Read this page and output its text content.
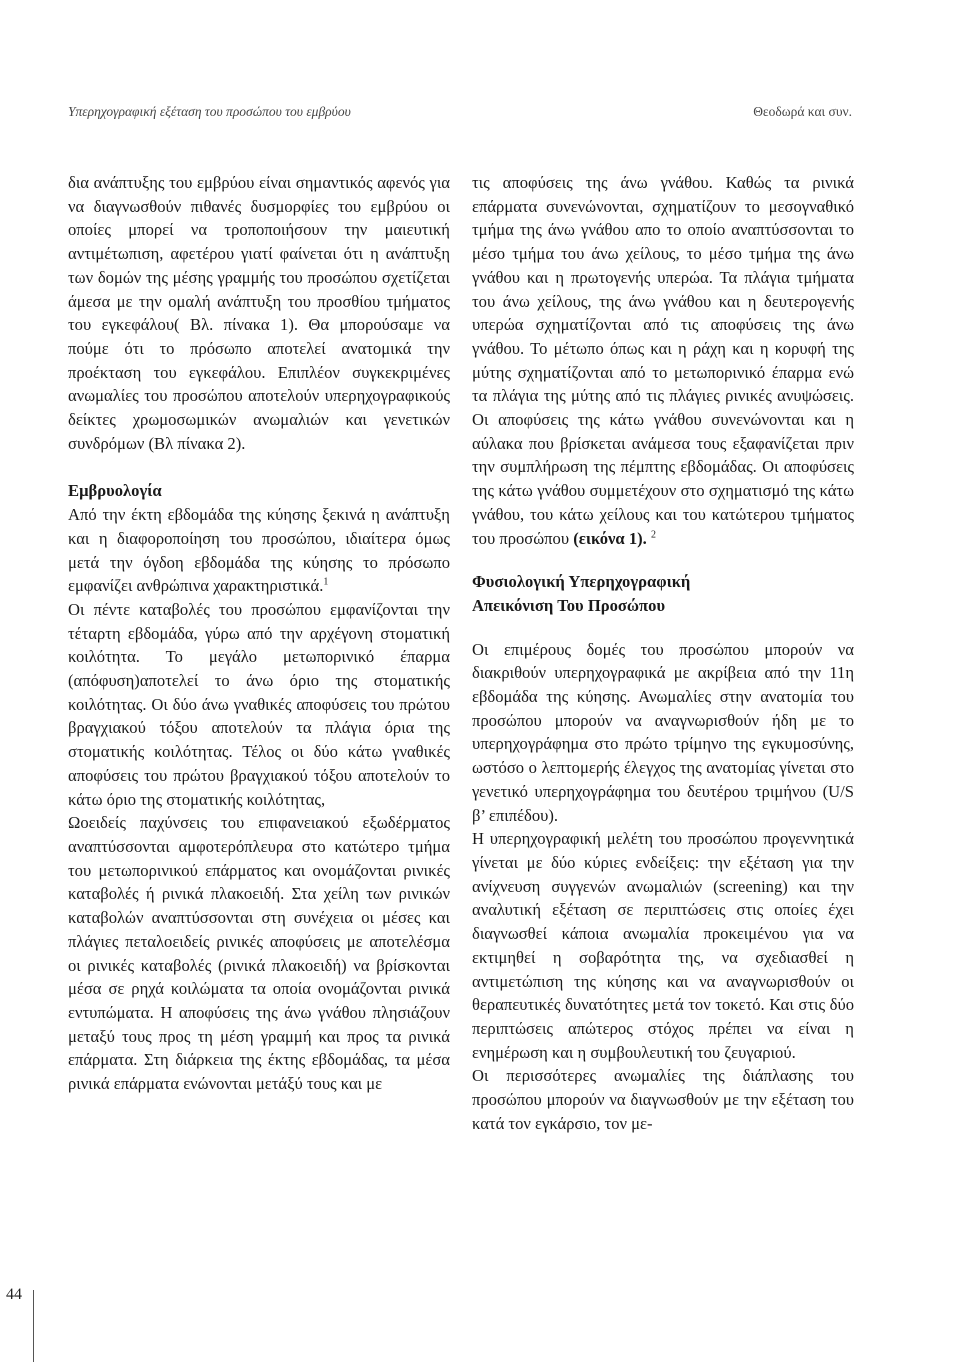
Υπερηχογραφική εξέταση του προσώπου του εμβρύου	Θεοδωρά και συν.

δια ανάπτυξης του εμβρύου είναι σημαντικός αφενός για να διαγνωσθούν πιθανές δυσμορφίες του εμβρύου οι οποίες μπορεί να τροποποιήσουν την μαιευτική αντιμέτωπιση, αφετέρου γιατί φαίνεται ότι η ανάπτυξη των δομών της μέσης γραμμής του προσώπου σχετίζεται άμεσα με την ομαλή ανάπτυξη του προσθίου τμήματος του εγκεφάλου( Βλ. πίνακα 1). Θα μπορούσαμε να πούμε ότι το πρόσωπο αποτελεί ανατομικά την προέκταση του εγκεφάλου. Επιπλέον συγκεκριμένες ανωμαλίες του προσώπου αποτελούν υπερηχογραφικούς δείκτες χρωμοσωμικών ανωμαλιών και γενετικών συνδρόμων (Βλ πίνακα 2).

Εμβρυολογία

Από την έκτη εβδομάδα της κύησης ξεκινά η ανάπτυξη και η διαφοροποίηση του προσώπου, ιδιαίτερα όμως μετά την όγδοη εβδομάδα της κύησης το πρόσωπο εμφανίζει ανθρώπινα χαρακτηριστικά.$^1$

Οι πέντε καταβολές του προσώπου εμφανίζονται την τέταρτη εβδομάδα, γύρω από την αρχέγονη στοματική κοιλότητα. Το μεγάλο μετωπορινικό έπαρμα (απόφυση)αποτελεί το άνω όριο της στοματικής κοιλότητας. Οι δύο άνω γναθικές αποφύσεις του πρώτου βραγχιακού τόξου αποτελούν τα πλάγια όρια της στοματικής κοιλότητας. Τέλος οι δύο κάτω γναθικές αποφύσεις του πρώτου βραγχιακού τόξου αποτελούν το κάτω όριο της στοματικής κοιλότητας,

Ωοειδείς παχύνσεις του επιφανειακού εξωδέρματος αναπτύσσονται αμφοτερόπλευρα στο κατώτερο τμήμα του μετωπορινικού επάρματος και ονομάζονται ρινικές καταβολές ή ρινικά πλακοειδή. Στα χείλη των ρινικών καταβολών αναπτύσσονται στη συνέχεια οι μέσες και πλάγιες πεταλοειδείς ρινικές αποφύσεις με αποτελέσμα οι ρινικές καταβολές (ρινικά πλακοειδή) να βρίσκονται μέσα σε ρηχά κοιλώματα τα οποία ονομάζονται ρινικά εντυπώματα. Η αποφύσεις της άνω γνάθου πλησιάζουν μεταξύ τους προς τη μέση γραμμή και προς τα ρινικά επάρματα. Στη διάρκεια της έκτης εβδομάδας, τα μέσα ρινικά επάρματα ενώνονται μετάξύ τους και με

τις αποφύσεις της άνω γνάθου. Καθώς τα ρινικά επάρματα συνενώνονται, σχηματίζουν το μεσογναθικό τμήμα της άνω γνάθου απο το οποίο αναπτύσσονται το μέσο τμήμα του άνω χείλους, το μέσο τμήμα της άνω γνάθου και η πρωτογενής υπερώα. Τα πλάγια τμήματα του άνω χείλους, της άνω γνάθου και η δευτερογενής υπερώα σχηματίζονται από τις αποφύσεις της άνω γνάθου. Το μέτωπο όπως και η ράχη και η κορυφή της μύτης σχηματίζονται από το μετωπορινικό έπαρμα ενώ τα πλάγια της μύτης από τις πλάγιες ρινικές ανυψώσεις. Οι αποφύσεις της κάτω γνάθου συνενώνονται και η αύλακα που βρίσκεται ανάμεσα τους εξαφανίζεται πριν την συμπλήρωση της πέμπτης εβδομάδας. Οι αποφύσεις της κάτω γνάθου συμμετέχουν στο σχηματισμό της κάτω γνάθου, του κάτω χείλους και του κατώτερου τμήματος του προσώπου (εικόνα 1). $^2$

Φυσιολογική Υπερηχογραφική
Απεικόνιση Του Προσώπου

Οι επιμέρους δομές του προσώπου μπορούν να διακριθούν υπερηχογραφικά με ακρίβεια από την 11η εβδομάδα της κύησης. Ανωμαλίες στην ανατομία του προσώπου μπορούν να αναγνωρισθούν ήδη με το υπερηχογράφημα στο πρώτο τρίμηνο της εγκυμοσύνης, ωστόσο ο λεπτομερής έλεγχος της ανατομίας γίνεται στο γενετικό υπερηχογράφημα του δευτέρου τριμήνου (U/S β’ επιπέδου).

Η υπερηχογραφική μελέτη του προσώπου προγεννητικά γίνεται με δύο κύριες ενδείξεις: την εξέταση για την ανίχνευση συγγενών ανωμαλιών (screening) και την αναλυτική εξέταση σε περιπτώσεις στις οποίες έχει διαγνωσθεί κάποια ανωμαλία προκειμένου για να εκτιμηθεί η σοβαρότητα της, να σχεδιασθεί η αντιμετώπιση της κύησης και να αναγνωρισθούν οι θεραπευτικές δυνατότητες μετά τον τοκετό. Και στις δύο περιπτώσεις απώτερος στόχος πρέπει να είναι η ενημέρωση και η συμβουλευτική του ζευγαριού.

Οι περισσότερες ανωμαλίες της διάπλασης του προσώπου μπορούν να διαγνωσθούν με την εξέταση του κατά τον εγκάρσιο, τον με-

44
